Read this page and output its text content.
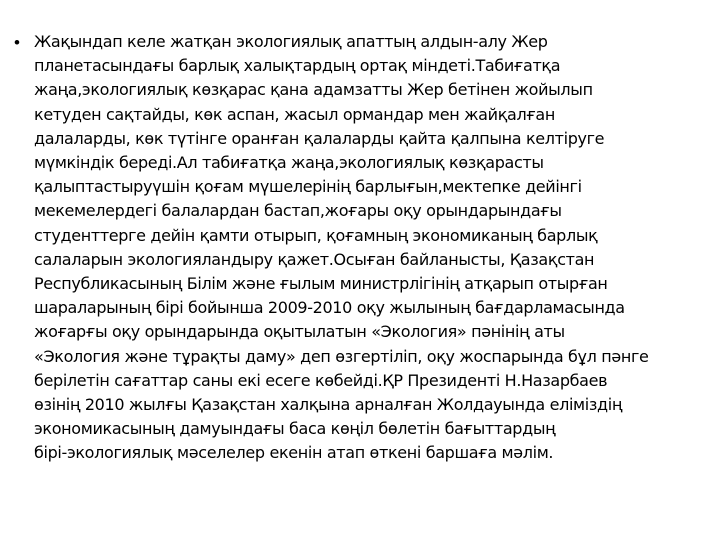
• Жақындап келе жатқан экологиялық апаттың алдын-алу Жер
планетасындағы барлық халықтардың ортақ міндеті.Табиғатқа
жаңа,экологиялық көзқарас қана адамзатты Жер бетінен жойылып
кетуден сақтайды, көк аспан, жасыл ормандар мен жайқалған
далаларды, көк түтінге оранған қалаларды қайта қалпына келтіруге
мүмкіндік береді.Ал табиғатқа жаңа,экологиялық көзқарасты
қалыптастыруүшін қоғам мүшелерінің барлығын,мектепке дейінгі
мекемелердегі балалардан бастап,жоғары оқу орындарындағы
студенттерге дейін қамти отырып, қоғамның экономиканың барлық
салаларын экологияландыру қажет.Осыған байланысты, Қазақстан
Республикасының Білім және ғылым министрлігінің атқарып отырған
шараларының бірі бойынша 2009-2010 оқу жылының бағдарламасында
жоғарғы оқу орындарында оқытылатын «Экология» пәнінің аты
«Экология және тұрақты даму» деп өзгертіліп, оқу жоспарында бұл пәнге
берілетін сағаттар саны екі есеге көбейді.ҚР Президенті Н.Назарбаев
өзінің 2010 жылғы Қазақстан халқына арналған Жолдауында еліміздің
экономикасының дамуындағы баса көңіл бөлетін бағыттардың
бірі-экологиялық мәселелер екенін атап өткені баршаға мәлім.
